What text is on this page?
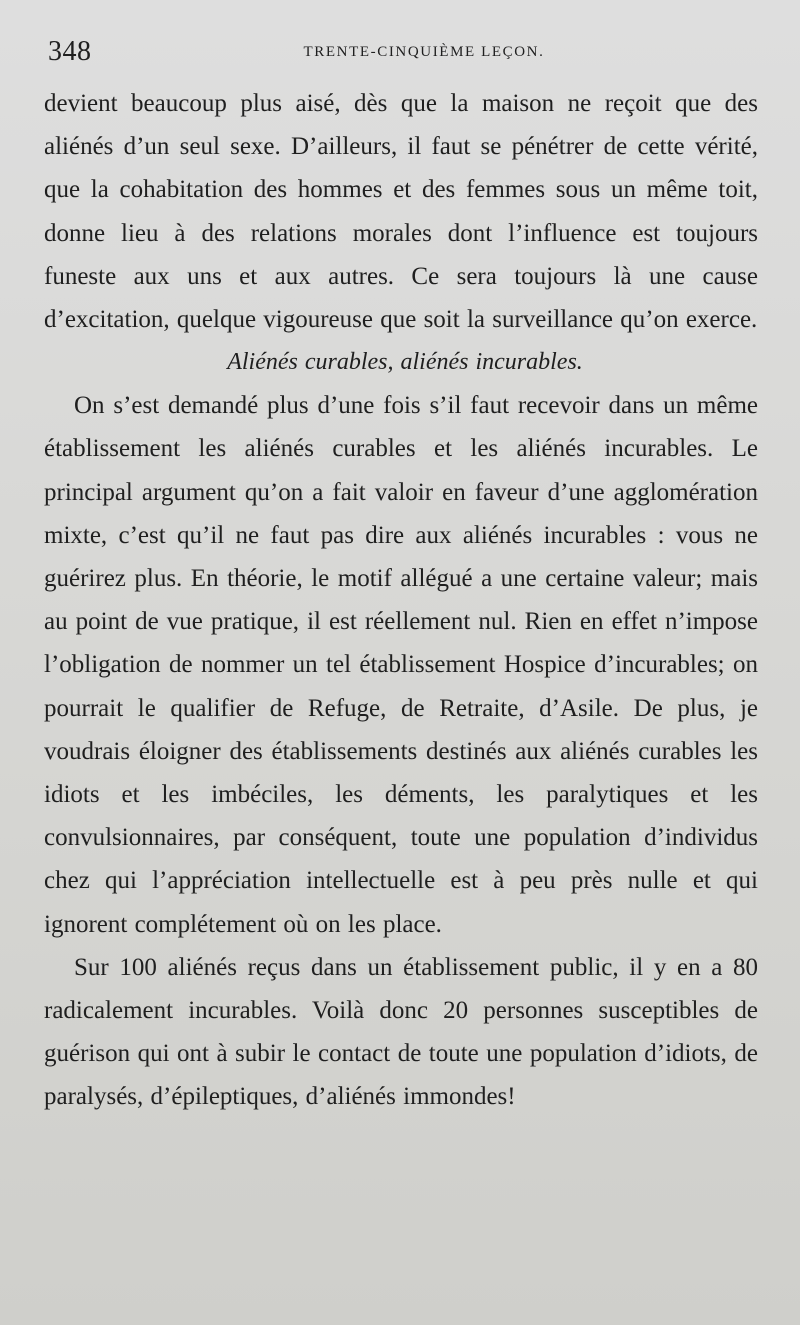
348	TRENTE-CINQUIÈME LEÇON.

devient beaucoup plus aisé, dès que la maison ne reçoit que des aliénés d’un seul sexe. D’ailleurs, il faut se pénétrer de cette vérité, que la cohabitation des hommes et des femmes sous un même toit, donne lieu à des relations morales dont l’influence est toujours funeste aux uns et aux autres. Ce sera toujours là une cause d’excitation, quelque vigoureuse que soit la surveillance qu’on exerce.

Aliénés curables, aliénés incurables.

On s’est demandé plus d’une fois s’il faut recevoir dans un même établissement les aliénés curables et les aliénés incurables. Le principal argument qu’on a fait valoir en faveur d’une agglomération mixte, c’est qu’il ne faut pas dire aux aliénés incurables : vous ne guérirez plus. En théorie, le motif allégué a une certaine valeur; mais au point de vue pratique, il est réellement nul. Rien en effet n’impose l’obligation de nommer un tel établissement Hospice d’incurables; on pourrait le qualifier de Refuge, de Retraite, d’Asile. De plus, je voudrais éloigner des établissements destinés aux aliénés curables les idiots et les imbéciles, les déments, les paralytiques et les convulsionnaires, par conséquent, toute une population d’individus chez qui l’appréciation intellectuelle est à peu près nulle et qui ignorent complétement où on les place.

Sur 100 aliénés reçus dans un établissement public, il y en a 80 radicalement incurables. Voilà donc 20 personnes susceptibles de guérison qui ont à subir le contact de toute une population d’idiots, de paralysés, d’épileptiques, d’aliénés immondes!
